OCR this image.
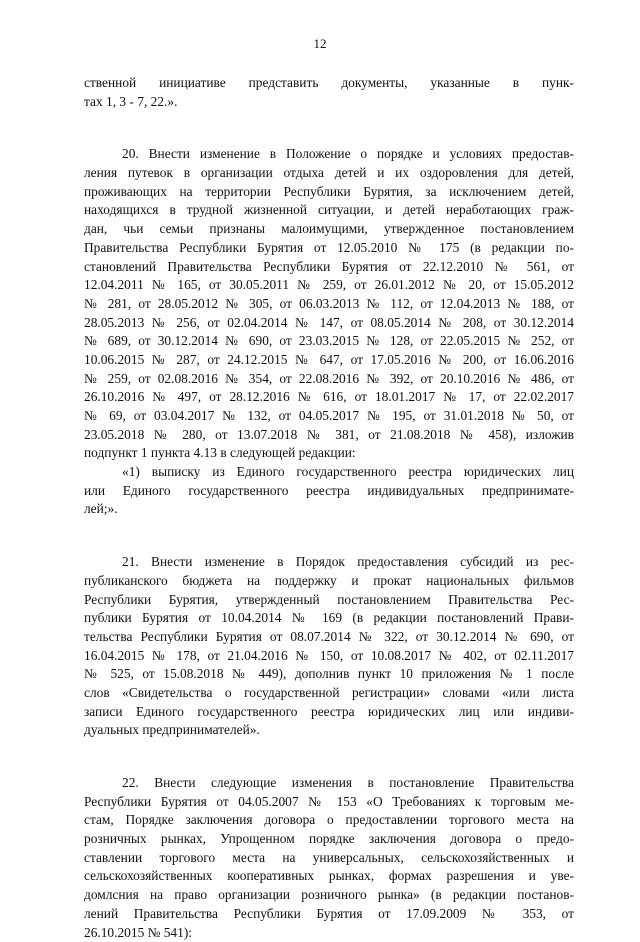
12
ственной инициативе представить документы, указанные в пунк-
тах 1, 3 - 7, 22.».
20. Внести изменение в Положение о порядке и условиях предостав-
ления путевок в организации отдыха детей и их оздоровления для детей,
проживающих на территории Республики Бурятия, за исключением детей,
находящихся в трудной жизненной ситуации, и детей неработающих граж-
дан, чьи семьи признаны малоимущими, утвержденное постановлением
Правительства Республики Бурятия от 12.05.2010 № 175 (в редакции по-
становлений Правительства Республики Бурятия от 22.12.2010 № 561, от
12.04.2011 № 165, от 30.05.2011 № 259, от 26.01.2012 № 20, от 15.05.2012
№ 281, от 28.05.2012 № 305, от 06.03.2013 № 112, от 12.04.2013 № 188, от
28.05.2013 № 256, от 02.04.2014 № 147, от 08.05.2014 № 208, от 30.12.2014
№ 689, от 30.12.2014 № 690, от 23.03.2015 № 128, от 22.05.2015 № 252, от
10.06.2015 № 287, от 24.12.2015 № 647, от 17.05.2016 № 200, от 16.06.2016
№ 259, от 02.08.2016 № 354, от 22.08.2016 № 392, от 20.10.2016 № 486, от
26.10.2016 № 497, от 28.12.2016 № 616, от 18.01.2017 № 17, от 22.02.2017
№ 69, от 03.04.2017 № 132, от 04.05.2017 № 195, от 31.01.2018 № 50, от
23.05.2018 № 280, от 13.07.2018 № 381, от 21.08.2018 № 458), изложив
подпункт 1 пункта 4.13 в следующей редакции:
«1) выписку из Единого государственного реестра юридических лиц
или Единого государственного реестра индивидуальных предпринимате-
лей;».
21. Внести изменение в Порядок предоставления субсидий из рес-
публиканского бюджета на поддержку и прокат национальных фильмов
Республики Бурятия, утвержденный постановлением Правительства Рес-
публики Бурятия от 10.04.2014 № 169 (в редакции постановлений Прави-
тельства Республики Бурятия от 08.07.2014 № 322, от 30.12.2014 № 690, от
16.04.2015 № 178, от 21.04.2016 № 150, от 10.08.2017 № 402, от 02.11.2017
№ 525, от 15.08.2018 № 449), дополнив пункт 10 приложения № 1 после
слов «Свидетельства о государственной регистрации» словами «или листа
записи Единого государственного реестра юридических лиц или индиви-
дуальных предпринимателей».
22. Внести следующие изменения в постановление Правительства
Республики Бурятия от 04.05.2007 № 153 «О Требованиях к торговым ме-
стам, Порядке заключения договора о предоставлении торгового места на
розничных рынках, Упрощенном порядке заключения договора о предо-
ставлении торгового места на универсальных, сельскохозяйственных и
сельскохозяйственных кооперативных рынках, формах разрешения и уве-
домлсния на право организации розничного рынка» (в редакции постанов-
лений Правительства Республики Бурятия от 17.09.2009 № 353, от
26.10.2015 № 541):
